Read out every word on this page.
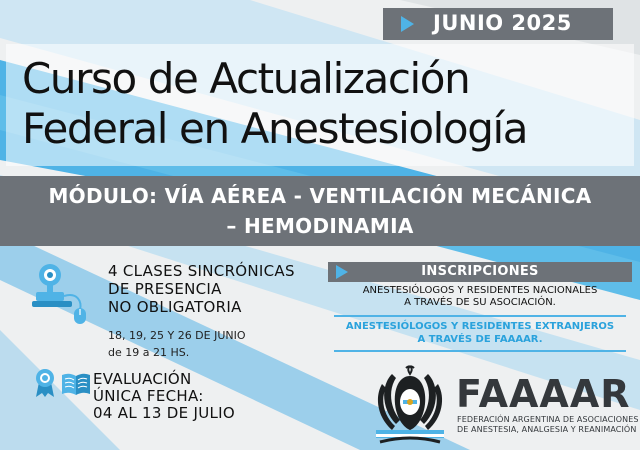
JUNIO 2025
Curso de Actualización
Federal en Anestesiología
MÓDULO: VÍA AÉREA - VENTILACIÓN MECÁNICA
– HEMODINAMIA
4 CLASES SINCRÓNICAS
DE PRESENCIA
NO OBLIGATORIA
18, 19, 25 Y 26 DE JUNIO
de 19 a 21 HS.
EVALUACIÓN
ÚNICA FECHA:
04 AL 13 DE JULIO
INSCRIPCIONES
ANESTESIÓLOGOS Y RESIDENTES NACIONALES
A TRAVÉS DE SU ASOCIACIÓN.
ANESTESIÓLOGOS Y RESIDENTES EXTRANJEROS
A TRAVÉS DE FAAAAR.
FAAAAR
FEDERACIÓN ARGENTINA DE ASOCIACIONES
DE ANESTESIA, ANALGESIA Y REANIMACIÓN
